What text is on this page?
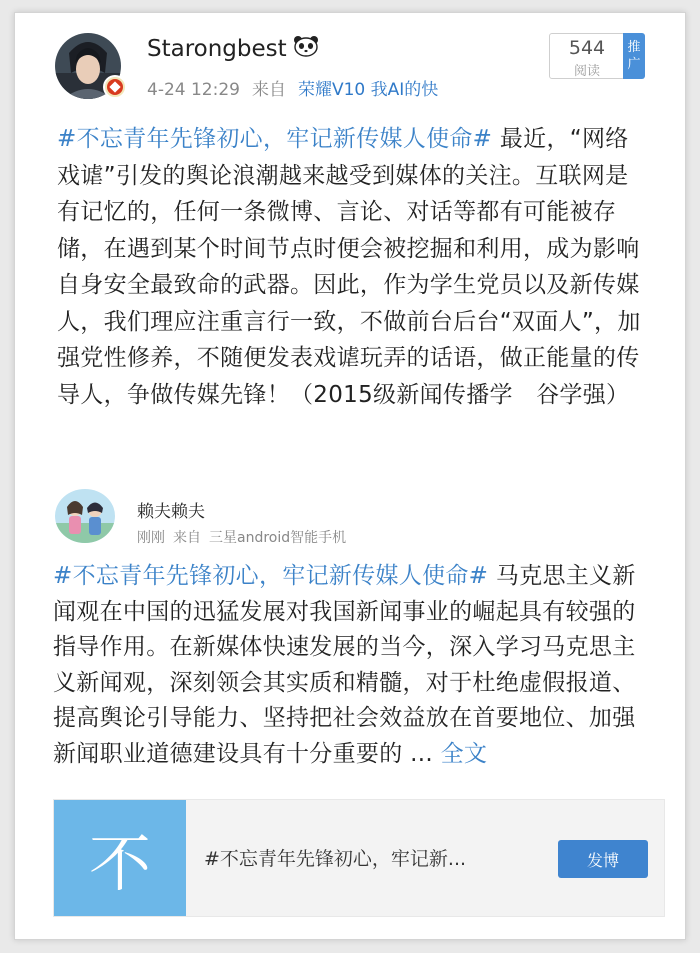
Starongbest
4-24 12:29 来自 荣耀V10 我AI的快
544
阅读
推
广
#不忘青年先锋初心，牢记新传媒人使命# 最近，“网络戏谑”引发的舆论浪潮越来越受到媒体的关注。互联网是有记忆的，任何一条微博、言论、对话等都有可能被存储，在遇到某个时间节点时便会被挖掘和利用，成为影响自身安全最致命的武器。因此，作为学生党员以及新传媒人，我们理应注重言行一致，不做前台后台“双面人”，加强党性修养，不随便发表戏谑玩弄的话语，做正能量的传导人，争做传媒先锋！（2015级新闻传播学　谷学强）
赖夫赖夫
刚刚 来自 三星android智能手机
#不忘青年先锋初心，牢记新传媒人使命# 马克思主义新闻观在中国的迅猛发展对我国新闻事业的崛起具有较强的指导作用。在新媒体快速发展的当今，深入学习马克思主义新闻观，深刻领会其实质和精髓，对于杜绝虚假报道、提高舆论引导能力、坚持把社会效益放在首要地位、加强新闻职业道德建设具有十分重要的 ... 全文
不	#不忘青年先锋初心，牢记新...	发博
